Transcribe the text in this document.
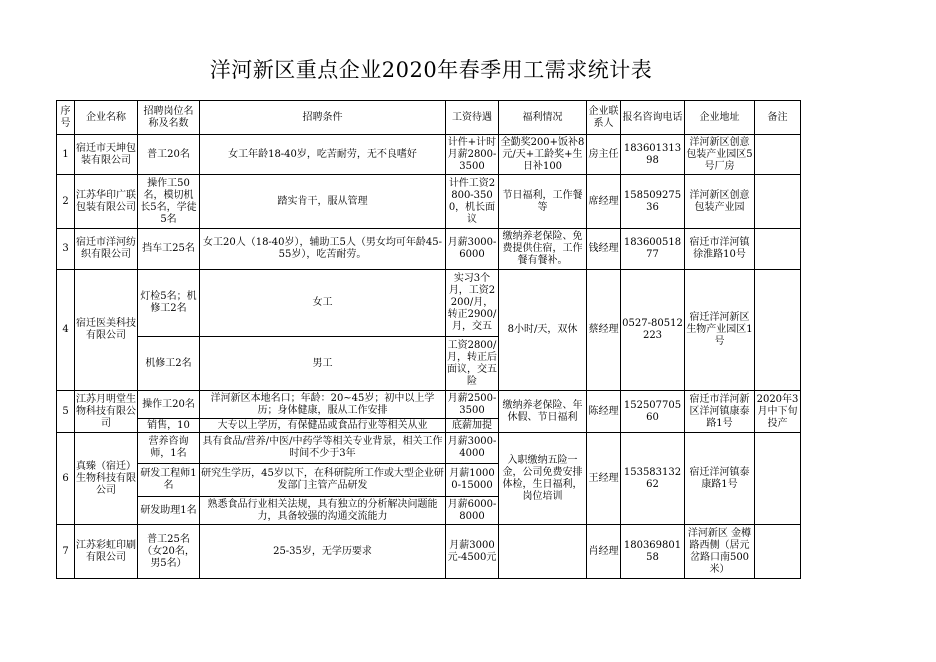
洋河新区重点企业2020年春季用工需求统计表
序号	企业名称	招聘岗位名称及名数	招聘条件	工资待遇	福利情况	企业联系人	报名咨询电话	企业地址	备注
1	宿迁市天坤包装有限公司	普工20名	女工年龄18-40岁，吃苦耐劳，无不良嗜好	计件+计时月薪2800-3500	全勤奖200+饭补8元/天+工龄奖+生日补100	房主任	18360131398	洋河新区创意包装产业园区5号厂房	
2	江苏华印广联包装有限公司	操作工50名，模切机长5名，学徒5名	踏实肯干，服从管理	计件工资2800-3500，机长面议	节日福利，工作餐等	席经理	15850927536	洋河新区创意包装产业园	
3	宿迁市洋河纺织有限公司	挡车工25名	女工20人（18-40岁），辅助工5人（男女均可年龄45-55岁），吃苦耐劳。	月薪3000-6000	缴纳养老保险、免费提供住宿，工作餐有餐补。	钱经理	18360051877	宿迁市洋河镇徐淮路10号	
4	宿迁医美科技有限公司	灯检5名；机修工2名	女工	实习3个月，工资2200/月，转正2900/月，交五	8小时/天，双休	蔡经理	0527-80512223	宿迁洋河新区生物产业园区1号	
		机修工2名	男工	工资2800/月，转正后面议，交五险					
5	江苏月明堂生物科技有限公司	操作工20名	洋河新区本地名口；年龄：20~45岁；初中以上学历；身体健康，服从工作安排	月薪2500-3500	缴纳养老保险、年休假、节日福利	陈经理	15250770560	宿迁市洋河新区洋河镇康泰路1号	2020年3月中下旬投产
		销售，10	大专以上学历，有保健品或食品行业等相关从业	底薪加提					
6	真臻（宿迁）生物科技有限公司	营养咨询师，1名	具有食品/营养/中医/中药学等相关专业背景，相关工作时间不少于3年	月薪3000-4000	入职缴纳五险一金，公司免费安排体检，生日福利，岗位培训	王经理	15358313262	宿迁洋河镇泰康路1号	
		研发工程师1名	研究生学历，45岁以下，在科研院所工作或大型企业研发部门主管产品研发	月薪10000-15000					
		研发助理1名	熟悉食品行业相关法规，具有独立的分析解决问题能力，具备较强的沟通交流能力	月薪6000-8000					
7	江苏彩虹印刷有限公司	普工25名（女20名，男5名）	25-35岁，无学历要求	月薪3000元-4500元		肖经理	18036980158	洋河新区 金樽路西侧（居元岔路口南500米）	
